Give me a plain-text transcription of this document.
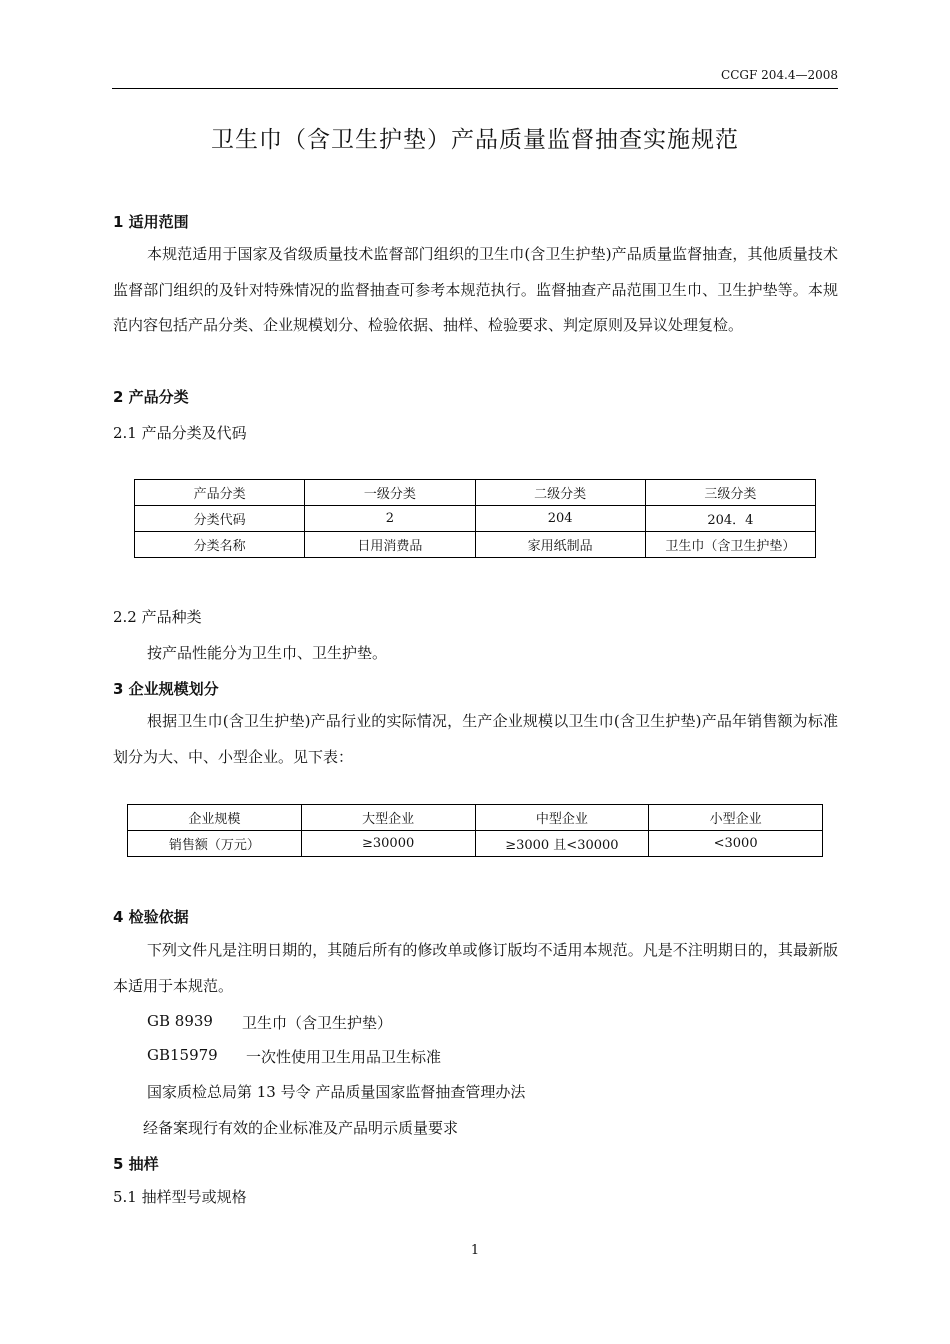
CCGF 204.4—2008
卫生巾（含卫生护垫）产品质量监督抽查实施规范
1 适用范围
本规范适用于国家及省级质量技术监督部门组织的卫生巾(含卫生护垫)产品质量监督抽查，其他质量技术监督部门组织的及针对特殊情况的监督抽查可参考本规范执行。监督抽查产品范围卫生巾、卫生护垫等。本规范内容包括产品分类、企业规模划分、检验依据、抽样、检验要求、判定原则及异议处理复检。
2 产品分类
2.1 产品分类及代码
产品分类	一级分类	二级分类	三级分类
分类代码	2	204	204．4
分类名称	日用消费品	家用纸制品	卫生巾（含卫生护垫）
2.2 产品种类
按产品性能分为卫生巾、卫生护垫。
3 企业规模划分
根据卫生巾(含卫生护垫)产品行业的实际情况，生产企业规模以卫生巾(含卫生护垫)产品年销售额为标准划分为大、中、小型企业。见下表：
企业规模	大型企业	中型企业	小型企业
销售额（万元）	≥30000	≥3000 且<30000	<3000
4 检验依据
下列文件凡是注明日期的，其随后所有的修改单或修订版均不适用本规范。凡是不注明期日的，其最新版本适用于本规范。
GB 8939 卫生巾（含卫生护垫）
GB15979 一次性使用卫生用品卫生标准
国家质检总局第 13 号令 产品质量国家监督抽查管理办法
经备案现行有效的企业标准及产品明示质量要求
5 抽样
5.1 抽样型号或规格
1
